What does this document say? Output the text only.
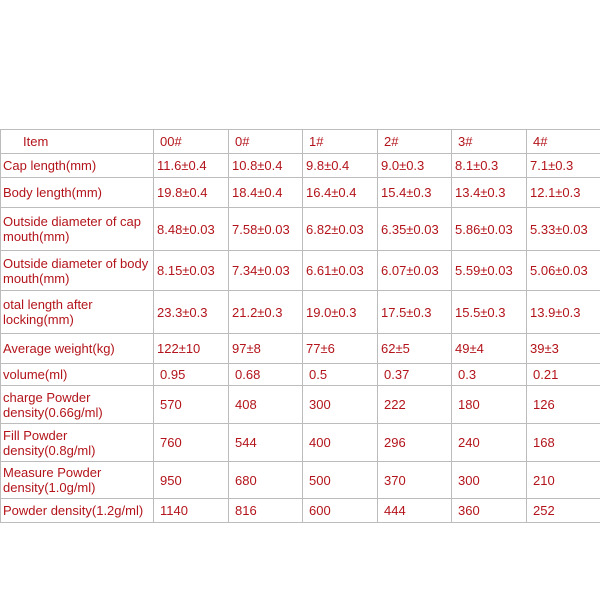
Item	00#	0#	1#	2#	3#	4#
Cap length(mm)	11.6±0.4	10.8±0.4	9.8±0.4	9.0±0.3	8.1±0.3	7.1±0.3
Body length(mm)	19.8±0.4	18.4±0.4	16.4±0.4	15.4±0.3	13.4±0.3	12.1±0.3
Outside diameter of cap mouth(mm)	8.48±0.03	7.58±0.03	6.82±0.03	6.35±0.03	5.86±0.03	5.33±0.03
Outside diameter of body mouth(mm)	8.15±0.03	7.34±0.03	6.61±0.03	6.07±0.03	5.59±0.03	5.06±0.03
otal length after locking(mm)	23.3±0.3	21.2±0.3	19.0±0.3	17.5±0.3	15.5±0.3	13.9±0.3
Average weight(kg)	122±10	97±8	77±6	62±5	49±4	39±3
volume(ml)	0.95	0.68	0.5	0.37	0.3	0.21
charge Powder density(0.66g/ml)	570	408	300	222	180	126
Fill Powder density(0.8g/ml)	760	544	400	296	240	168
Measure Powder density(1.0g/ml)	950	680	500	370	300	210
Powder density(1.2g/ml)	1140	816	600	444	360	252
